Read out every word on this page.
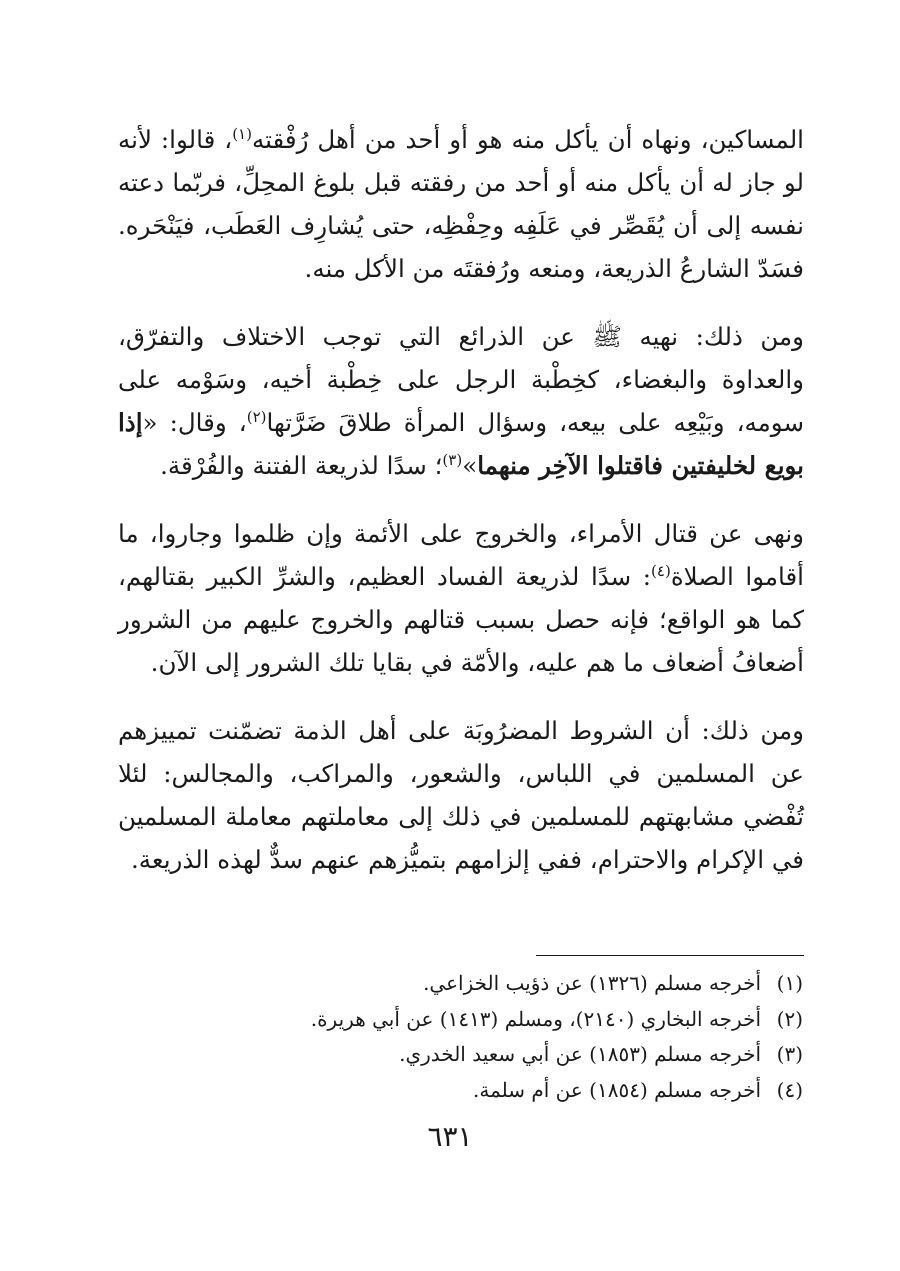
المساكين، ونهاه أن يأكل منه هو أو أحد من أهل رُفْقته$^{(١)}$، قالوا: لأنه لو جاز له أن يأكل منه أو أحد من رفقته قبل بلوغ المحِلِّ، فربّما دعته نفسه إلى أن يُقَصِّر في عَلَفِه وحِفْظِه، حتى يُشارِف العَطَب، فيَنْحَره. فسَدّ الشارعُ الذريعة، ومنعه ورُفقتَه من الأكل منه.

ومن ذلك: نهيه ﷺ عن الذرائع التي توجب الاختلاف والتفرّق، والعداوة والبغضاء، كخِطْبة الرجل على خِطْبة أخيه، وسَوْمه على سومه، وبَيْعِه على بيعه، وسؤال المرأة طلاقَ ضَرَّتها$^{(٢)}$، وقال: «إذا بويع لخليفتين فاقتلوا الآخِر منهما»$^{(٣)}$؛ سدًا لذريعة الفتنة والفُرْقة.

ونهى عن قتال الأمراء، والخروج على الأئمة وإن ظلموا وجاروا، ما أقاموا الصلاة$^{(٤)}$: سدًا لذريعة الفساد العظيم، والشرِّ الكبير بقتالهم، كما هو الواقع؛ فإنه حصل بسبب قتالهم والخروج عليهم من الشرور أضعافُ أضعاف ما هم عليه، والأمّة في بقايا تلك الشرور إلى الآن.

ومن ذلك: أن الشروط المضرُوبَة على أهل الذمة تضمّنت تمييزهم عن المسلمين في اللباس، والشعور، والمراكب، والمجالس: لئلا تُفْضي مشابهتهم للمسلمين في ذلك إلى معاملتهم معاملة المسلمين في الإكرام والاحترام، ففي إلزامهم بتميُّزهم عنهم سدٌّ لهذه الذريعة.

(١)
أخرجه مسلم (١٣٢٦) عن ذؤيب الخزاعي.
(٢)
أخرجه البخاري (٢١٤٠)، ومسلم (١٤١٣) عن أبي هريرة.
(٣)
أخرجه مسلم (١٨٥٣) عن أبي سعيد الخدري.
(٤)
أخرجه مسلم (١٨٥٤) عن أم سلمة.
٦٣١
